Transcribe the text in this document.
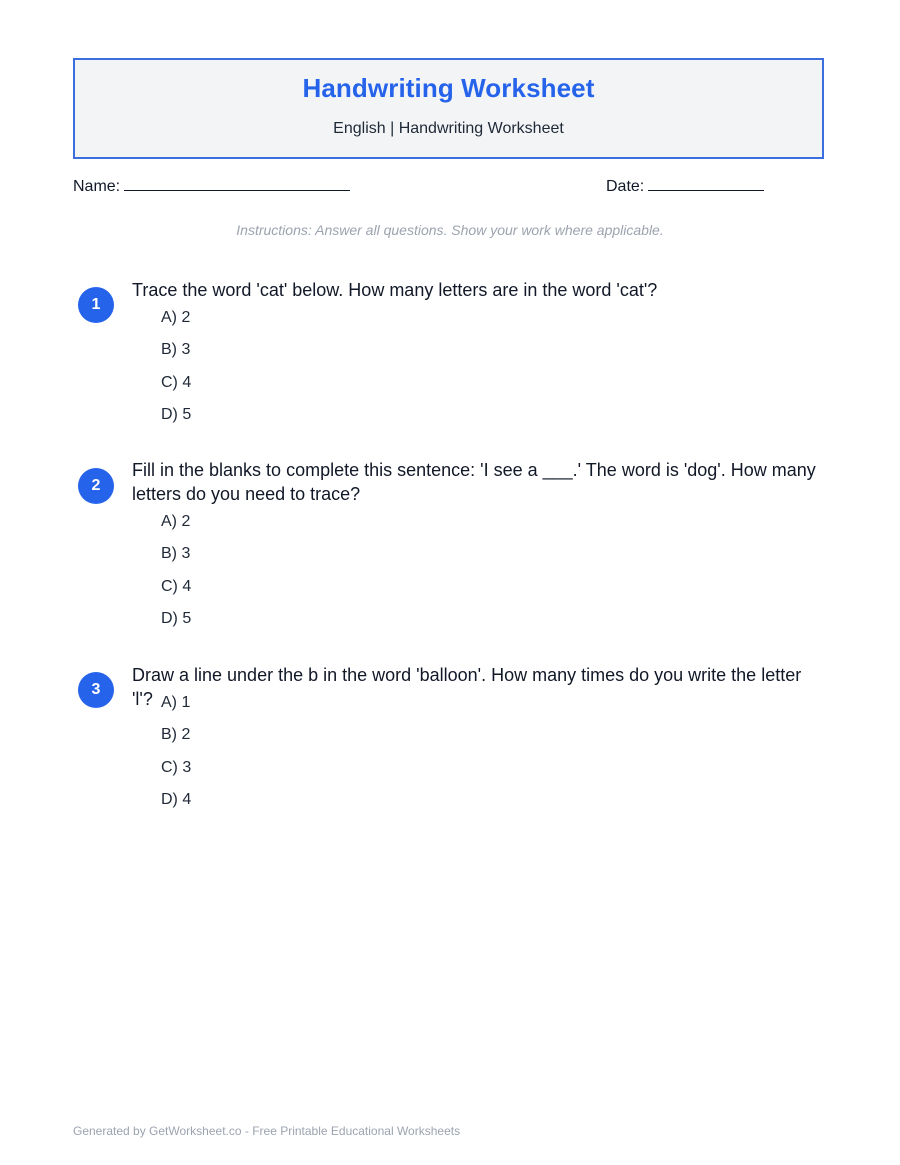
Handwriting Worksheet
English | Handwriting Worksheet
Name:	Date:
Instructions: Answer all questions. Show your work where applicable.
1
Trace the word 'cat' below. How many letters are in the word 'cat'?
A) 2
B) 3
C) 4
D) 5
2
Fill in the blanks to complete this sentence: 'I see a ___.' The word is 'dog'. How many letters do you need to trace?
A) 2
B) 3
C) 4
D) 5
3
Draw a line under the b in the word 'balloon'. How many times do you write the letter 'l'? A) 1
B) 2
C) 3
D) 4
Generated by GetWorksheet.co - Free Printable Educational Worksheets
